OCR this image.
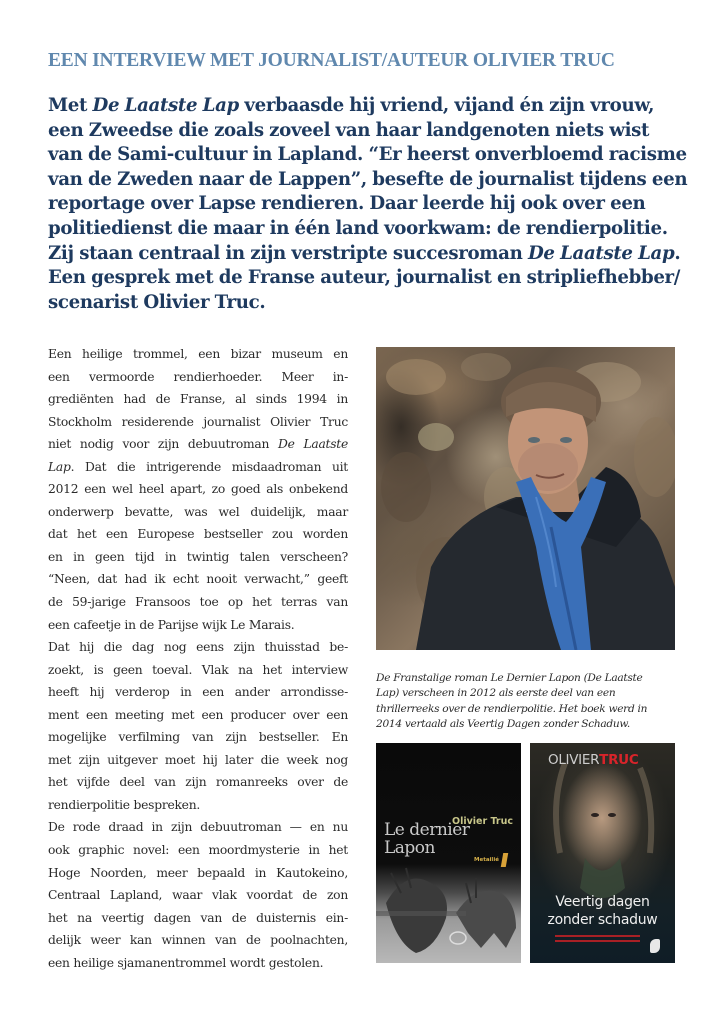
EEN INTERVIEW MET JOURNALIST/AUTEUR OLIVIER TRUC
Met De Laatste Lap verbaasde hij vriend, vijand én zijn vrouw,
een Zweedse die zoals zoveel van haar landgenoten niets wist
van de Sami-cultuur in Lapland. “Er heerst onverbloemd racisme
van de Zweden naar de Lappen”, besefte de journalist tijdens een
reportage over Lapse rendieren. Daar leerde hij ook over een
politiedienst die maar in één land voorkwam: de rendierpolitie.
Zij staan centraal in zijn verstripte succesroman De Laatste Lap.
Een gesprek met de Franse auteur, journalist en stripliefhebber/
scenarist Olivier Truc.
Een heilige trommel, een bizar museum en
een vermoorde rendierhoeder. Meer in-
grediënten had de Franse, al sinds 1994 in
Stockholm residerende journalist Olivier Truc
niet nodig voor zijn debuutroman De Laatste
Lap. Dat die intrigerende misdaadroman uit
2012 een wel heel apart, zo goed als onbekend
onderwerp bevatte, was wel duidelijk, maar
dat het een Europese bestseller zou worden
en in geen tijd in twintig talen verscheen?
“Neen, dat had ik echt nooit verwacht,” geeft
de 59-jarige Fransoos toe op het terras van
een cafeetje in de Parijse wijk Le Marais.
Dat hij die dag nog eens zijn thuisstad be-
zoekt, is geen toeval. Vlak na het interview
heeft hij verderop in een ander arrondisse-
ment een meeting met een producer over een
mogelijke verfilming van zijn bestseller. En
met zijn uitgever moet hij later die week nog
het vijfde deel van zijn romanreeks over de
rendierpolitie bespreken.
De rode draad in zijn debuutroman — en nu
ook graphic novel: een moordmysterie in het
Hoge Noorden, meer bepaald in Kautokeino,
Centraal Lapland, waar vlak voordat de zon
het na veertig dagen van de duisternis ein-
delijk weer kan winnen van de poolnachten,
een heilige sjamanentrommel wordt gestolen.
De Franstalige roman Le Dernier Lapon (De Laatste
Lap) verscheen in 2012 als eerste deel van een
thrillerreeks over de rendierpolitie. Het boek werd in
2014 vertaald als Veertig Dagen zonder Schaduw.
Olivier Truc
Le dernier
Lapon
Metailié
OLIVIERTRUC
Veertig dagen
zonder schaduw
